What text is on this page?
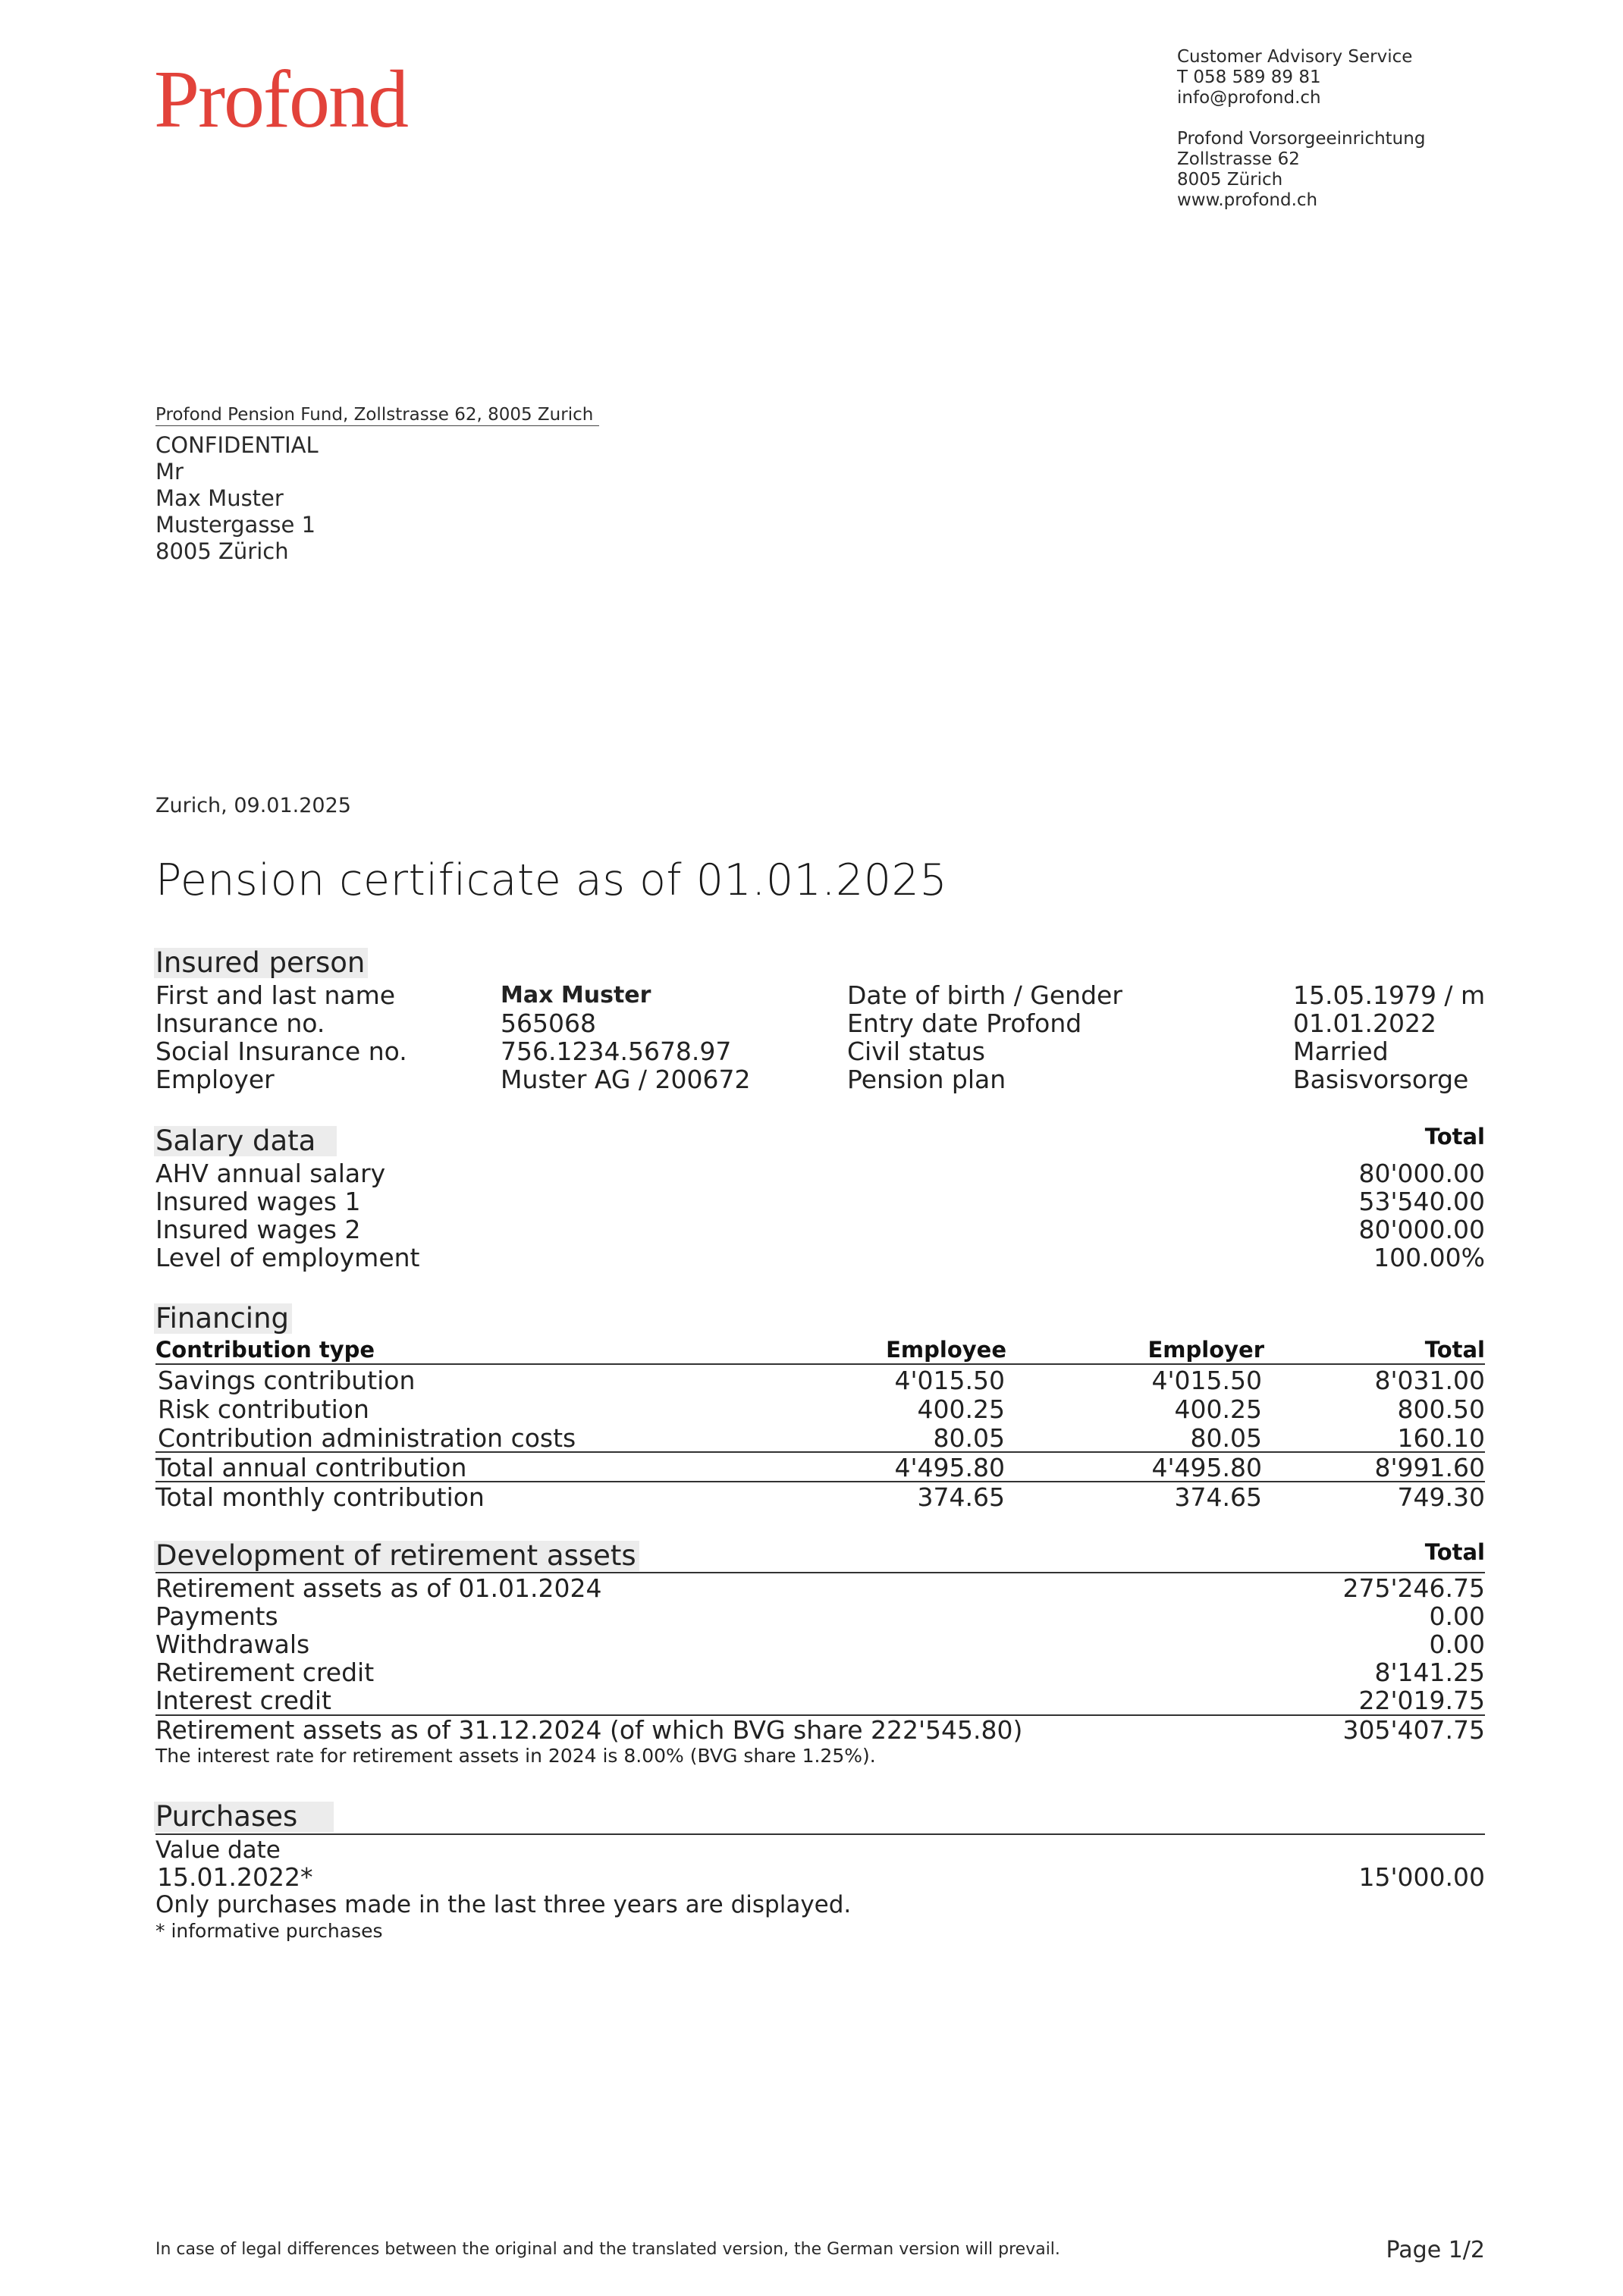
Profond	Customer Advisory Service
T 058 589 89 81
info@profond.ch
Profond Vorsorgeeinrichtung
Zollstrasse 62
8005 Zürich
www.profond.ch
Profond Pension Fund, Zollstrasse 62, 8005 Zurich
CONFIDENTIAL
Mr
Max Muster
Mustergasse 1
8005 Zürich
Zurich, 09.01.2025
Pension certificate as of 01.01.2025
Insured person
First and last name	Max Muster	Date of birth / Gender	15.05.1979 / m
Insurance no.	565068	Entry date Profond	01.01.2022
Social Insurance no.	756.1234.5678.97	Civil status	Married
Employer	Muster AG / 200672	Pension plan	Basisvorsorge
Salary data	Total
AHV annual salary	80'000.00
Insured wages 1	53'540.00
Insured wages 2	80'000.00
Level of employment	100.00%
Financing
Contribution type	Employee	Employer	Total
Savings contribution	4'015.50	4'015.50	8'031.00
Risk contribution	400.25	400.25	800.50
Contribution administration costs	80.05	80.05	160.10
Total annual contribution	4'495.80	4'495.80	8'991.60
Total monthly contribution	374.65	374.65	749.30
Development of retirement assets	Total
Retirement assets as of 01.01.2024	275'246.75
Payments	0.00
Withdrawals	0.00
Retirement credit	8'141.25
Interest credit	22'019.75
Retirement assets as of 31.12.2024 (of which BVG share 222'545.80)	305'407.75
The interest rate for retirement assets in 2024 is 8.00% (BVG share 1.25%).
Purchases
Value date
15.01.2022*	15'000.00
Only purchases made in the last three years are displayed.
* informative purchases
In case of legal differences between the original and the translated version, the German version will prevail.	Page 1/2
